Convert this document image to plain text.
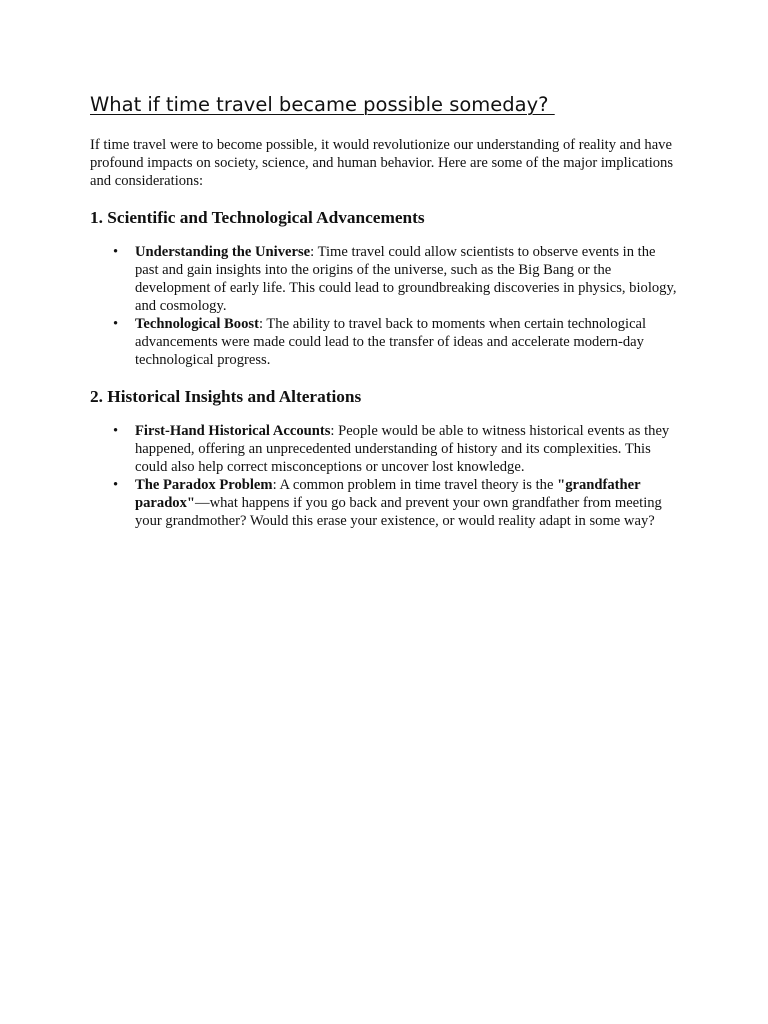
What if time travel became possible someday?

If time travel were to become possible, it would revolutionize our understanding of reality and have profound impacts on society, science, and human behavior. Here are some of the major implications and considerations:

1. Scientific and Technological Advancements
• Understanding the Universe: Time travel could allow scientists to observe events in the past and gain insights into the origins of the universe, such as the Big Bang or the development of early life. This could lead to groundbreaking discoveries in physics, biology, and cosmology.
• Technological Boost: The ability to travel back to moments when certain technological advancements were made could lead to the transfer of ideas and accelerate modern-day technological progress.
2. Historical Insights and Alterations
• First-Hand Historical Accounts: People would be able to witness historical events as they happened, offering an unprecedented understanding of history and its complexities. This could also help correct misconceptions or uncover lost knowledge.
• The Paradox Problem: A common problem in time travel theory is the "grandfather paradox"—what happens if you go back and prevent your own grandfather from meeting your grandmother? Would this erase your existence, or would reality adapt in some way?
